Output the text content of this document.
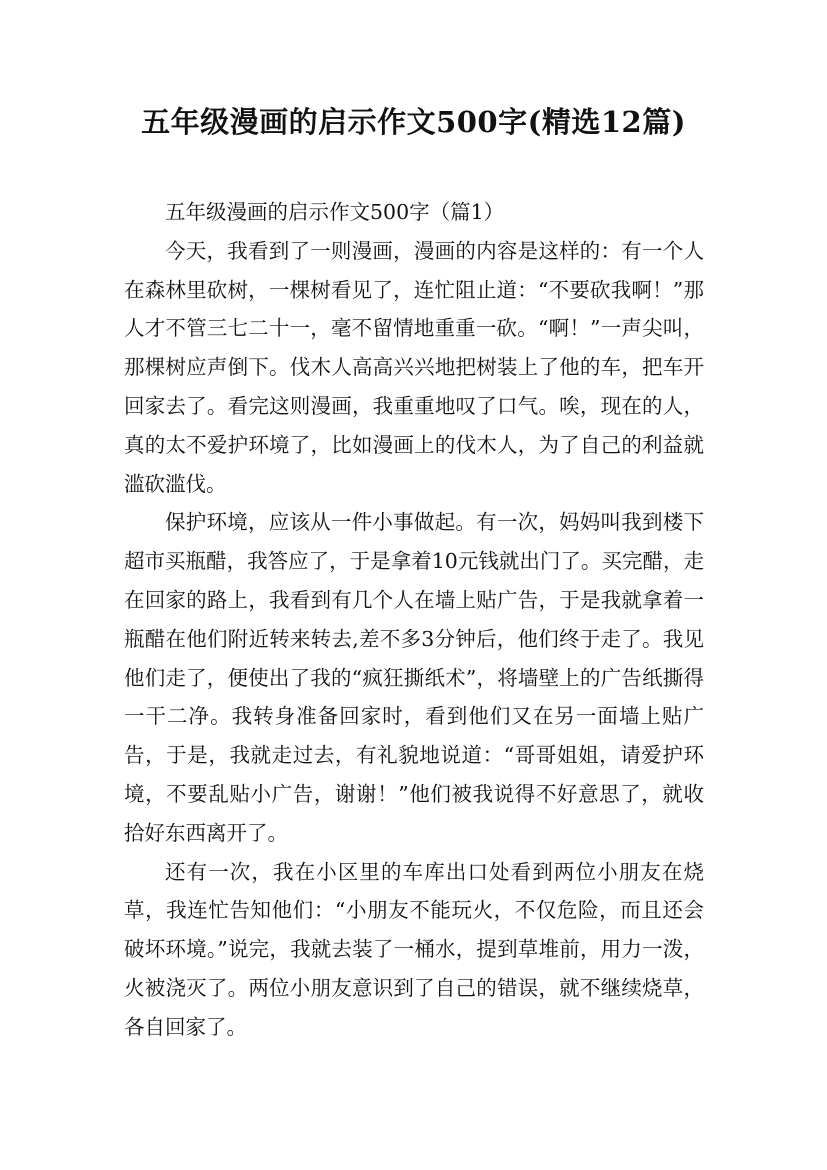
五年级漫画的启示作文500字(精选12篇)

五年级漫画的启示作文500字（篇1）

今天，我看到了一则漫画，漫画的内容是这样的：有一个人在森林里砍树，一棵树看见了，连忙阻止道：“不要砍我啊！”那人才不管三七二十一，毫不留情地重重一砍。“啊！”一声尖叫，那棵树应声倒下。伐木人高高兴兴地把树装上了他的车，把车开回家去了。看完这则漫画，我重重地叹了口气。唉，现在的人，真的太不爱护环境了，比如漫画上的伐木人，为了自己的利益就滥砍滥伐。

保护环境，应该从一件小事做起。有一次，妈妈叫我到楼下超市买瓶醋，我答应了，于是拿着10元钱就出门了。买完醋，走在回家的路上，我看到有几个人在墙上贴广告，于是我就拿着一瓶醋在他们附近转来转去,差不多3分钟后，他们终于走了。我见他们走了，便使出了我的“疯狂撕纸术”，将墙壁上的广告纸撕得一干二净。我转身准备回家时，看到他们又在另一面墙上贴广告，于是，我就走过去，有礼貌地说道：“哥哥姐姐，请爱护环境，不要乱贴小广告，谢谢！”他们被我说得不好意思了，就收拾好东西离开了。

还有一次，我在小区里的车库出口处看到两位小朋友在烧草，我连忙告知他们：“小朋友不能玩火，不仅危险，而且还会破坏环境。”说完，我就去装了一桶水，提到草堆前，用力一泼，火被浇灭了。两位小朋友意识到了自己的错误，就不继续烧草，各自回家了。
